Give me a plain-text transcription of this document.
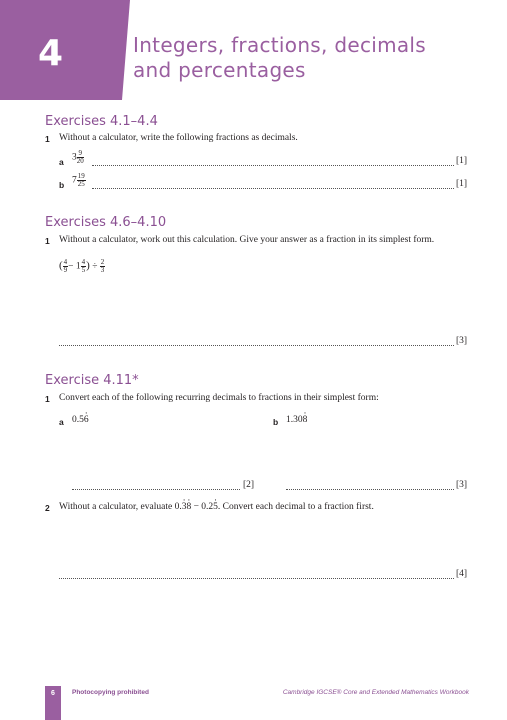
4	Integers, fractions, decimals
and percentages
Exercises 4.1–4.4
1 Without a calculator, write the following fractions as decimals.
a $3 \frac{9}{20}$	[1]
b $7 \frac{19}{25}$	[1]
Exercises 4.6–4.10
1 Without a calculator, work out this calculation. Give your answer as a fraction in its simplest form.
( $\frac{4}{9} - 1 \frac{4}{5}$ ) ÷ $\frac{2}{3}$
[3]
Exercise 4.11*
1 Convert each of the following recurring decimals to fractions in their simplest form:
a 0.56 ·	b 1.308 ·
[2]	[3]
2 Without a calculator, evaluate 0.3 ·8 · − 0.25 ·. Convert each decimal to a fraction first.
[4]
6	Photocopying prohibited	Cambridge IGCSE® Core and Extended Mathematics Workbook
